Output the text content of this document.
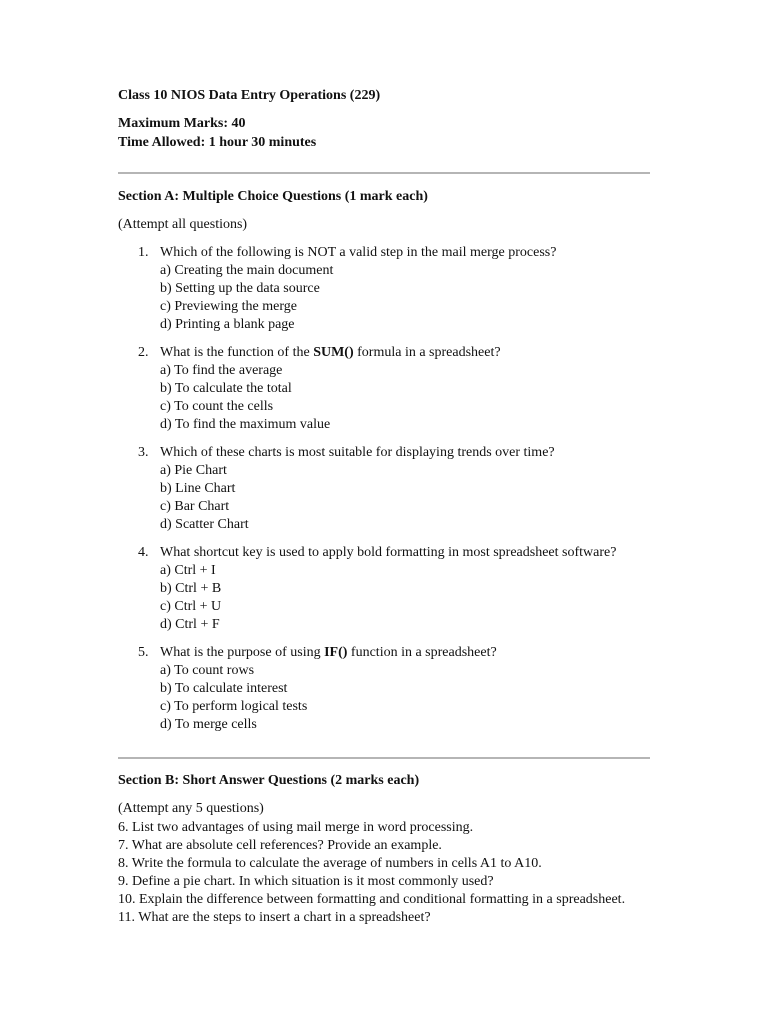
Class 10 NIOS Data Entry Operations (229)
Maximum Marks: 40
Time Allowed: 1 hour 30 minutes
Section A: Multiple Choice Questions (1 mark each)
(Attempt all questions)
1. Which of the following is NOT a valid step in the mail merge process?
a) Creating the main document
b) Setting up the data source
c) Previewing the merge
d) Printing a blank page
2. What is the function of the SUM() formula in a spreadsheet?
a) To find the average
b) To calculate the total
c) To count the cells
d) To find the maximum value
3. Which of these charts is most suitable for displaying trends over time?
a) Pie Chart
b) Line Chart
c) Bar Chart
d) Scatter Chart
4. What shortcut key is used to apply bold formatting in most spreadsheet software?
a) Ctrl + I
b) Ctrl + B
c) Ctrl + U
d) Ctrl + F
5. What is the purpose of using IF() function in a spreadsheet?
a) To count rows
b) To calculate interest
c) To perform logical tests
d) To merge cells
Section B: Short Answer Questions (2 marks each)
(Attempt any 5 questions)
6. List two advantages of using mail merge in word processing.
7. What are absolute cell references? Provide an example.
8. Write the formula to calculate the average of numbers in cells A1 to A10.
9. Define a pie chart. In which situation is it most commonly used?
10. Explain the difference between formatting and conditional formatting in a spreadsheet.
11. What are the steps to insert a chart in a spreadsheet?
